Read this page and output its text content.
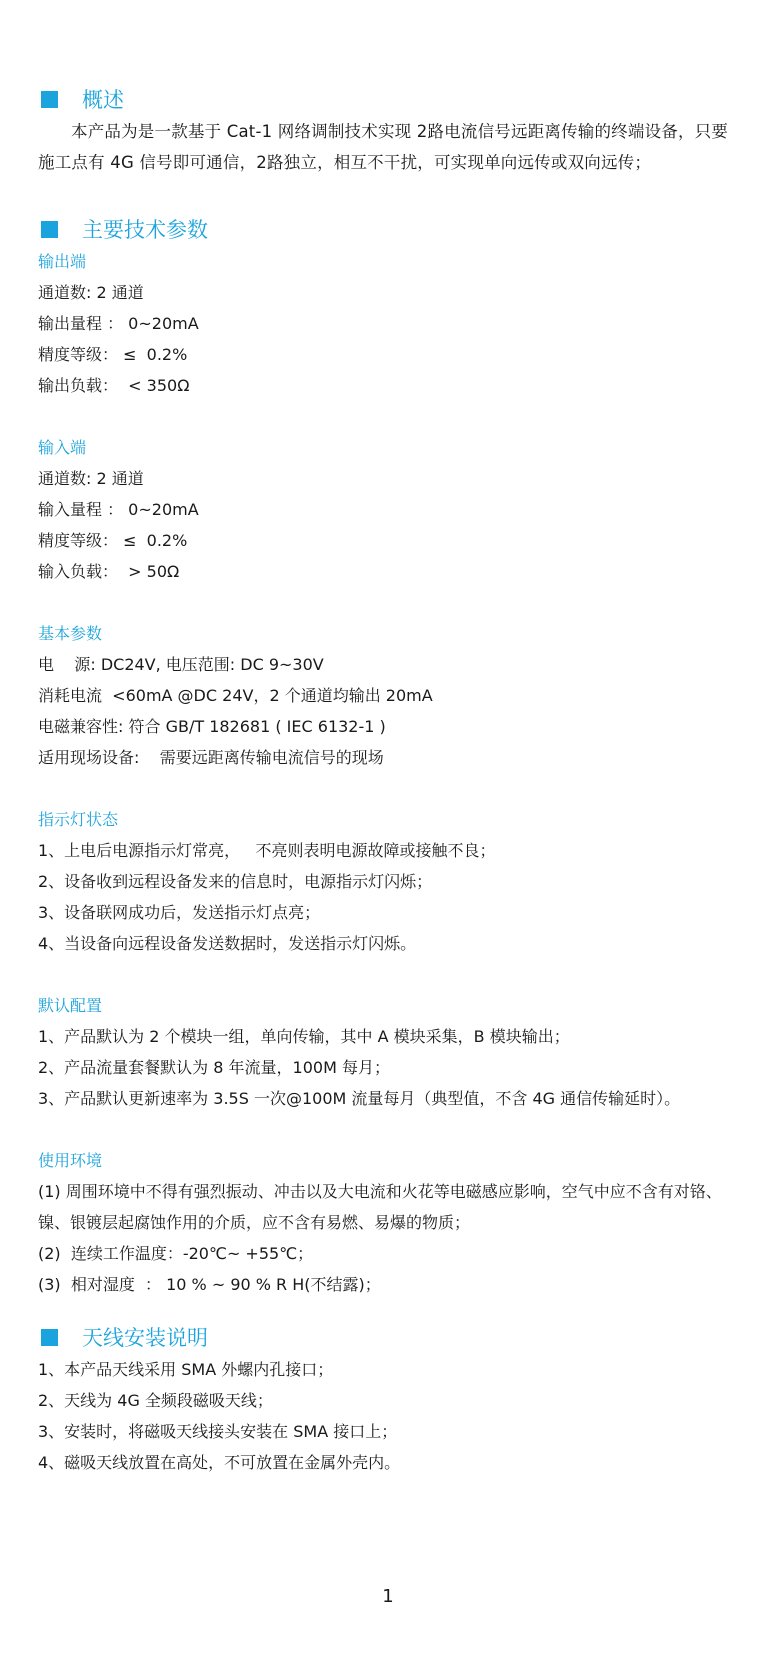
概述

本产品为是一款基于 Cat-1 网络调制技术实现 2路电流信号远距离传输的终端设备，只要施工点有 4G 信号即可通信，2路独立，相互不干扰，可实现单向远传或双向远传；

主要技术参数
输出端
通道数: 2 通道
输出量程 ： 0~20mA
精度等级： ≤  0.2%
输出负载：  < 350Ω
输入端
通道数: 2 通道
输入量程 ： 0~20mA
精度等级： ≤  0.2%
输入负载：  > 50Ω
基本参数
电    源: DC24V, 电压范围: DC 9~30V
消耗电流  <60mA @DC 24V，2 个通道均输出 20mA
电磁兼容性: 符合 GB/T 182681 ( IEC 6132-1 )
适用现场设备:    需要远距离传输电流信号的现场
指示灯状态
1、上电后电源指示灯常亮，   不亮则表明电源故障或接触不良；
2、设备收到远程设备发来的信息时，电源指示灯闪烁；
3、设备联网成功后，发送指示灯点亮；
4、当设备向远程设备发送数据时，发送指示灯闪烁。
默认配置
1、产品默认为 2 个模块一组，单向传输，其中 A 模块采集，B 模块输出；
2、产品流量套餐默认为 8 年流量，100M 每月；

3、产品默认更新速率为 3.5S 一次@100M 流量每月（典型值，不含 4G 通信传输延时）。

使用环境

(1) 周围环境中不得有强烈振动、冲击以及大电流和火花等电磁感应影响，空气中应不含有对铬、镍、银镀层起腐蚀作用的介质，应不含有易燃、易爆的物质；

(2)  连续工作温度：-20℃~ +55℃；
(3)  相对湿度  ： 10 % ~ 90 % R H(不结露)；
天线安装说明
1、本产品天线采用 SMA 外螺内孔接口；
2、天线为 4G 全频段磁吸天线；
3、安装时，将磁吸天线接头安装在 SMA 接口上；
4、磁吸天线放置在高处，不可放置在金属外壳内。
1
